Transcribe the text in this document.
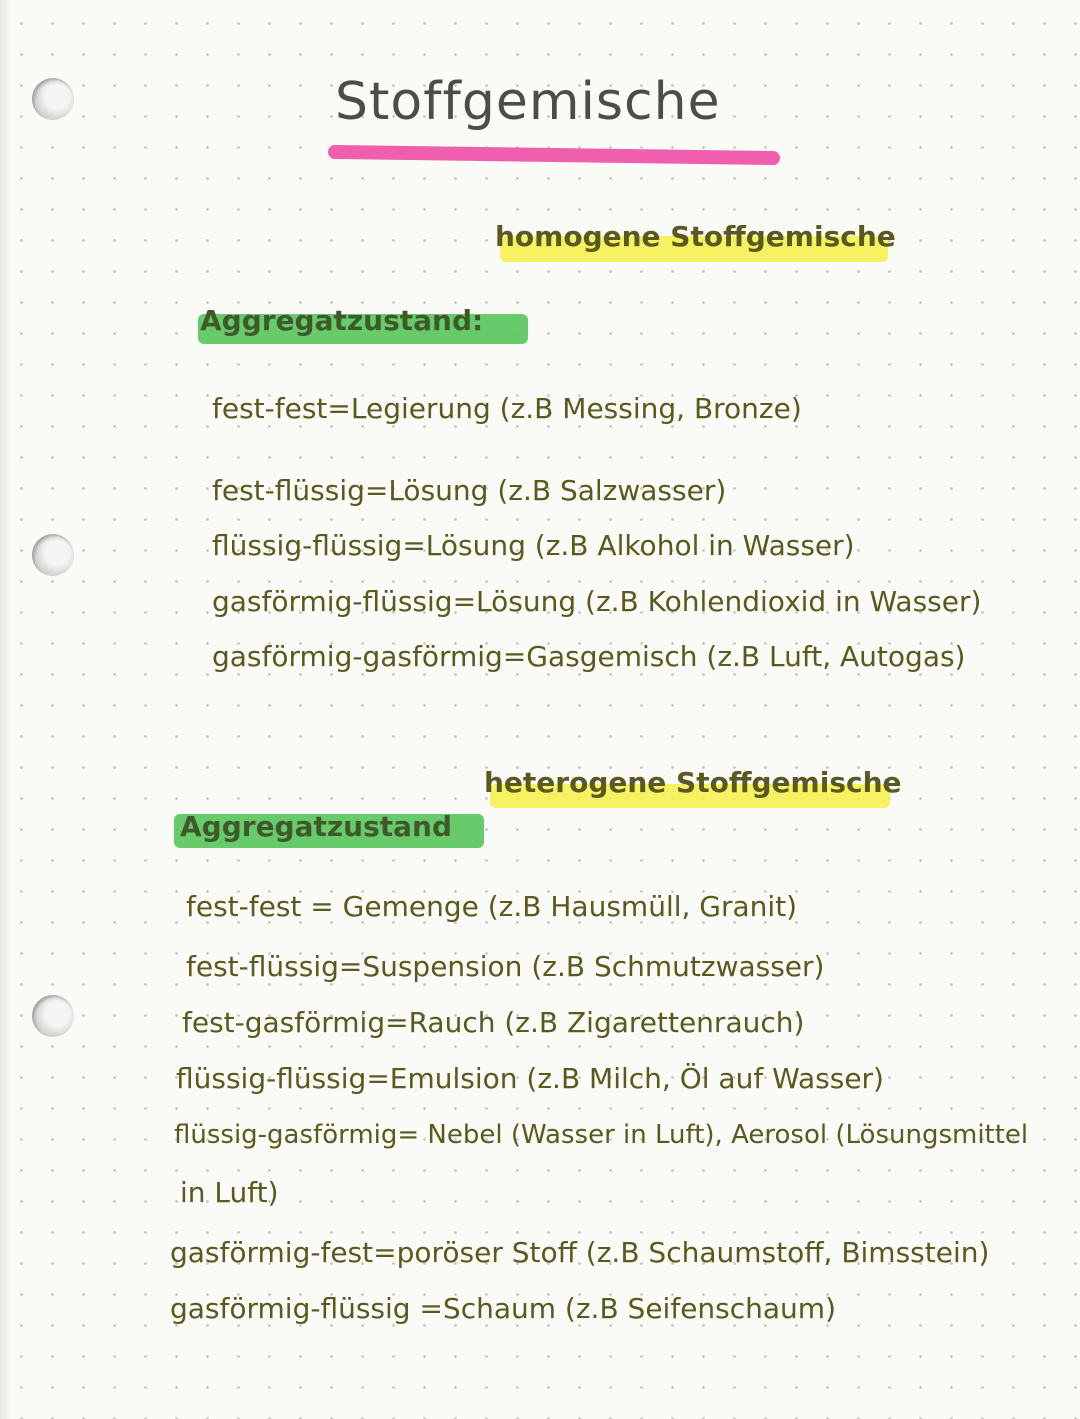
Stoffgemische

homogene Stoffgemische

Aggregatzustand:

fest-fest=Legierung (z.B Messing, Bronze)

fest-flüssig=Lösung (z.B Salzwasser)

flüssig-flüssig=Lösung (z.B Alkohol in Wasser)

gasförmig-flüssig=Lösung (z.B Kohlendioxid in Wasser)

gasförmig-gasförmig=Gasgemisch (z.B Luft, Autogas)

heterogene Stoffgemische

Aggregatzustand

fest-fest = Gemenge (z.B Hausmüll, Granit)

fest-flüssig=Suspension (z.B Schmutzwasser)

fest-gasförmig=Rauch (z.B Zigarettenrauch)

flüssig-flüssig=Emulsion (z.B Milch, Öl auf Wasser)

flüssig-gasförmig= Nebel (Wasser in Luft), Aerosol (Lösungsmittel

in Luft)

gasförmig-fest=poröser Stoff (z.B Schaumstoff, Bimsstein)

gasförmig-flüssig =Schaum (z.B Seifenschaum)
